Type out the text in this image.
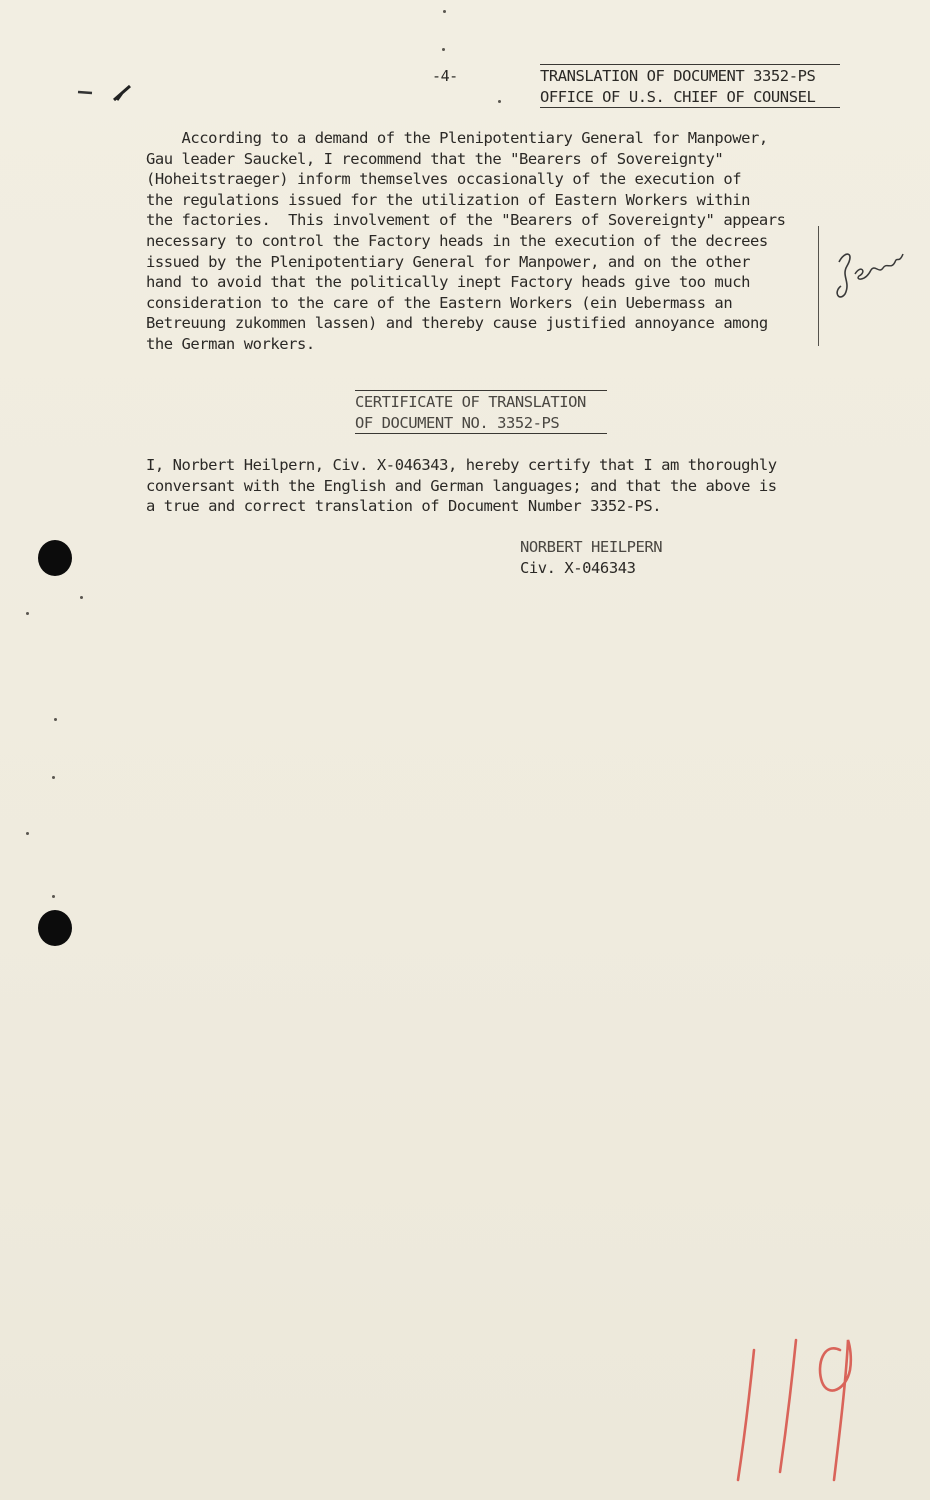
-4-	TRANSLATION OF DOCUMENT 3352-PS
OFFICE OF U.S. CHIEF OF COUNSEL
According to a demand of the Plenipotentiary General for Manpower,
Gau leader Sauckel, I recommend that the "Bearers of Sovereignty"
(Hoheitstraeger) inform themselves occasionally of the execution of
the regulations issued for the utilization of Eastern Workers within
the factories.  This involvement of the "Bearers of Sovereignty" appears
necessary to control the Factory heads in the execution of the decrees
issued by the Plenipotentiary General for Manpower, and on the other
hand to avoid that the politically inept Factory heads give too much
consideration to the care of the Eastern Workers (ein Uebermass an
Betreuung zukommen lassen) and thereby cause justified annoyance among
the German workers.
CERTIFICATE OF TRANSLATION
OF DOCUMENT NO. 3352-PS
I, Norbert Heilpern, Civ. X-046343, hereby certify that I am thoroughly
conversant with the English and German languages; and that the above is
a true and correct translation of Document Number 3352-PS.
NORBERT HEILPERN
Civ. X-046343
